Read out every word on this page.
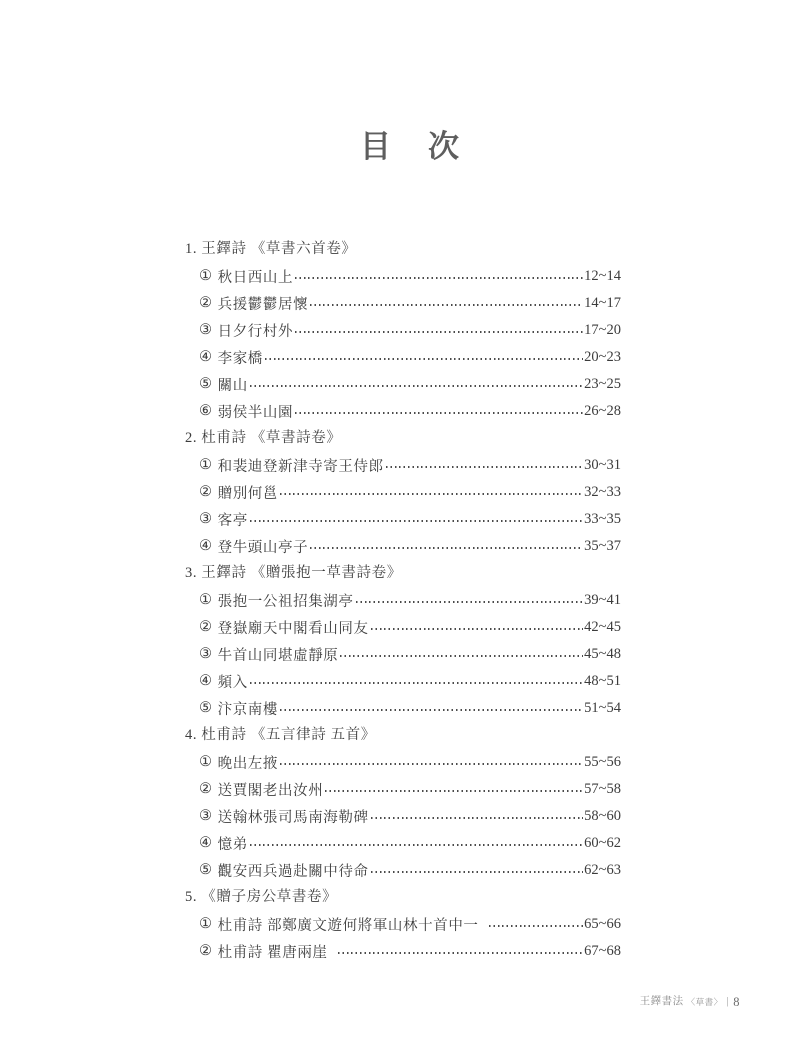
目　次
1. 王鐸詩 《草書六首卷》
① 秋日西山上	12~14
② 兵援鬱鬱居懷	14~17
③ 日夕行村外	17~20
④ 李家橋	20~23
⑤ 關山	23~25
⑥ 弱侯半山園	26~28
2. 杜甫詩 《草書詩卷》
① 和裴迪登新津寺寄王侍郎	30~31
② 贈別何邕	32~33
③ 客亭	33~35
④ 登牛頭山亭子	35~37
3. 王鐸詩 《贈張抱一草書詩卷》
① 張抱一公祖招集湖亭	39~41
② 登嶽廟天中閣看山同友	42~45
③ 牛首山同堪虛靜原	45~48
④ 頻入	48~51
⑤ 汴京南樓	51~54
4. 杜甫詩 《五言律詩 五首》
① 晚出左掖	55~56
② 送賈閣老出汝州	57~58
③ 送翰林張司馬南海勒碑	58~60
④ 憶弟	60~62
⑤ 觀安西兵過赴關中待命	62~63
5. 《贈子房公草書卷》
① 杜甫詩 部鄭廣文遊何將軍山林十首中一	65~66
② 杜甫詩 瞿唐兩崖	67~68
王鐸書法 〈草書〉 | 8
